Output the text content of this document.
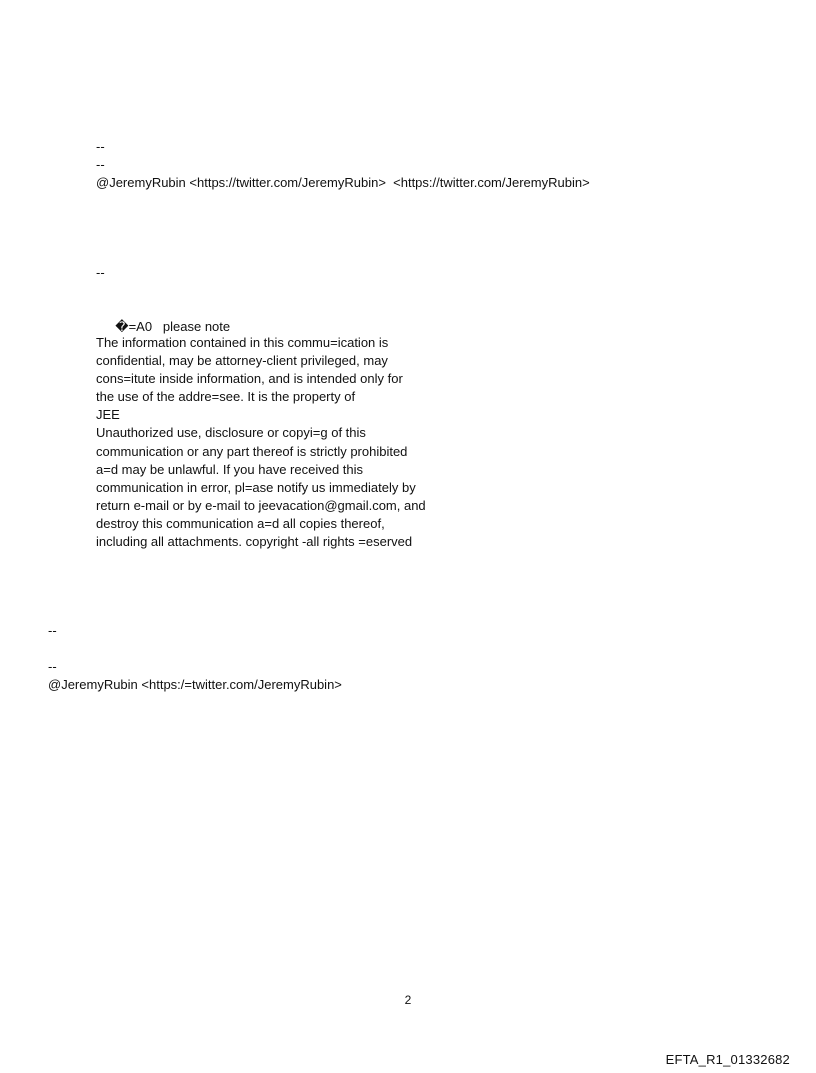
--
--
@JeremyRubin <https://twitter.com/JeremyRubin>  <https://twitter.com/JeremyRubin>
--

�=A0   please note

The information contained in this commu=ication is
confidential, may be attorney-client privileged, may
cons=itute inside information, and is intended only for
the use of the addre=see. It is the property of
JEE
Unauthorized use, disclosure or copyi=g of this
communication or any part thereof is strictly prohibited
a=d may be unlawful. If you have received this
communication in error, pl=ase notify us immediately by
return e-mail or by e-mail to jeevacation@gmail.com, and
destroy this communication a=d all copies thereof,
including all attachments. copyright -all rights =eserved
--
--
@JeremyRubin <https:/=twitter.com/JeremyRubin>
2
EFTA_R1_01332682
